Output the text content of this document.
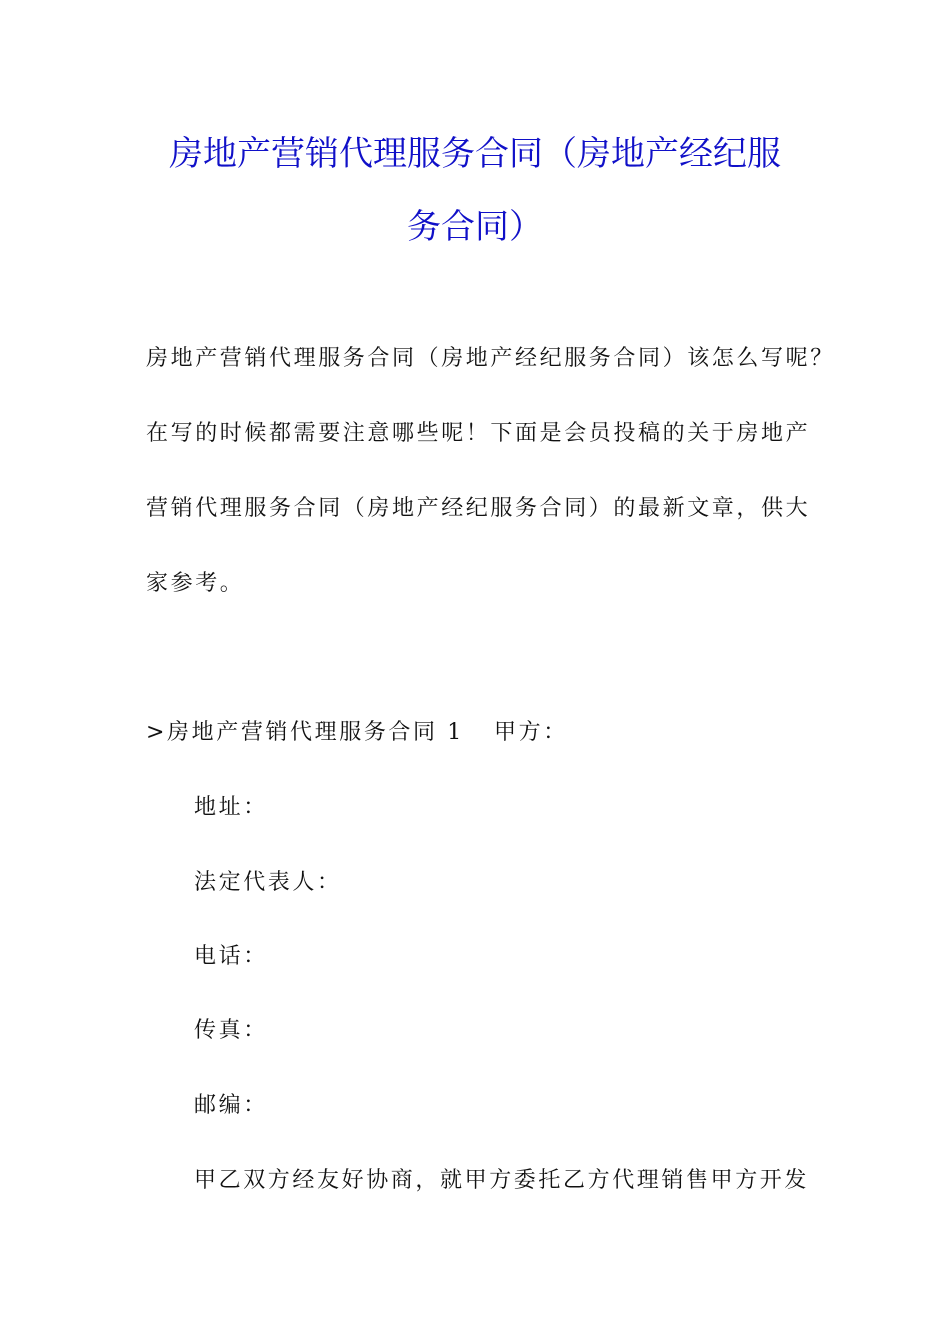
房地产营销代理服务合同（房地产经纪服
务合同）
房地产营销代理服务合同（房地产经纪服务合同）该怎么写呢？
在写的时候都需要注意哪些呢！下面是会员投稿的关于房地产
营销代理服务合同（房地产经纪服务合同）的最新文章，供大
家参考。
>房地产营销代理服务合同 1 甲方：
地址：
法定代表人：
电话：
传真：
邮编：
甲乙双方经友好协商，就甲方委托乙方代理销售甲方开发
